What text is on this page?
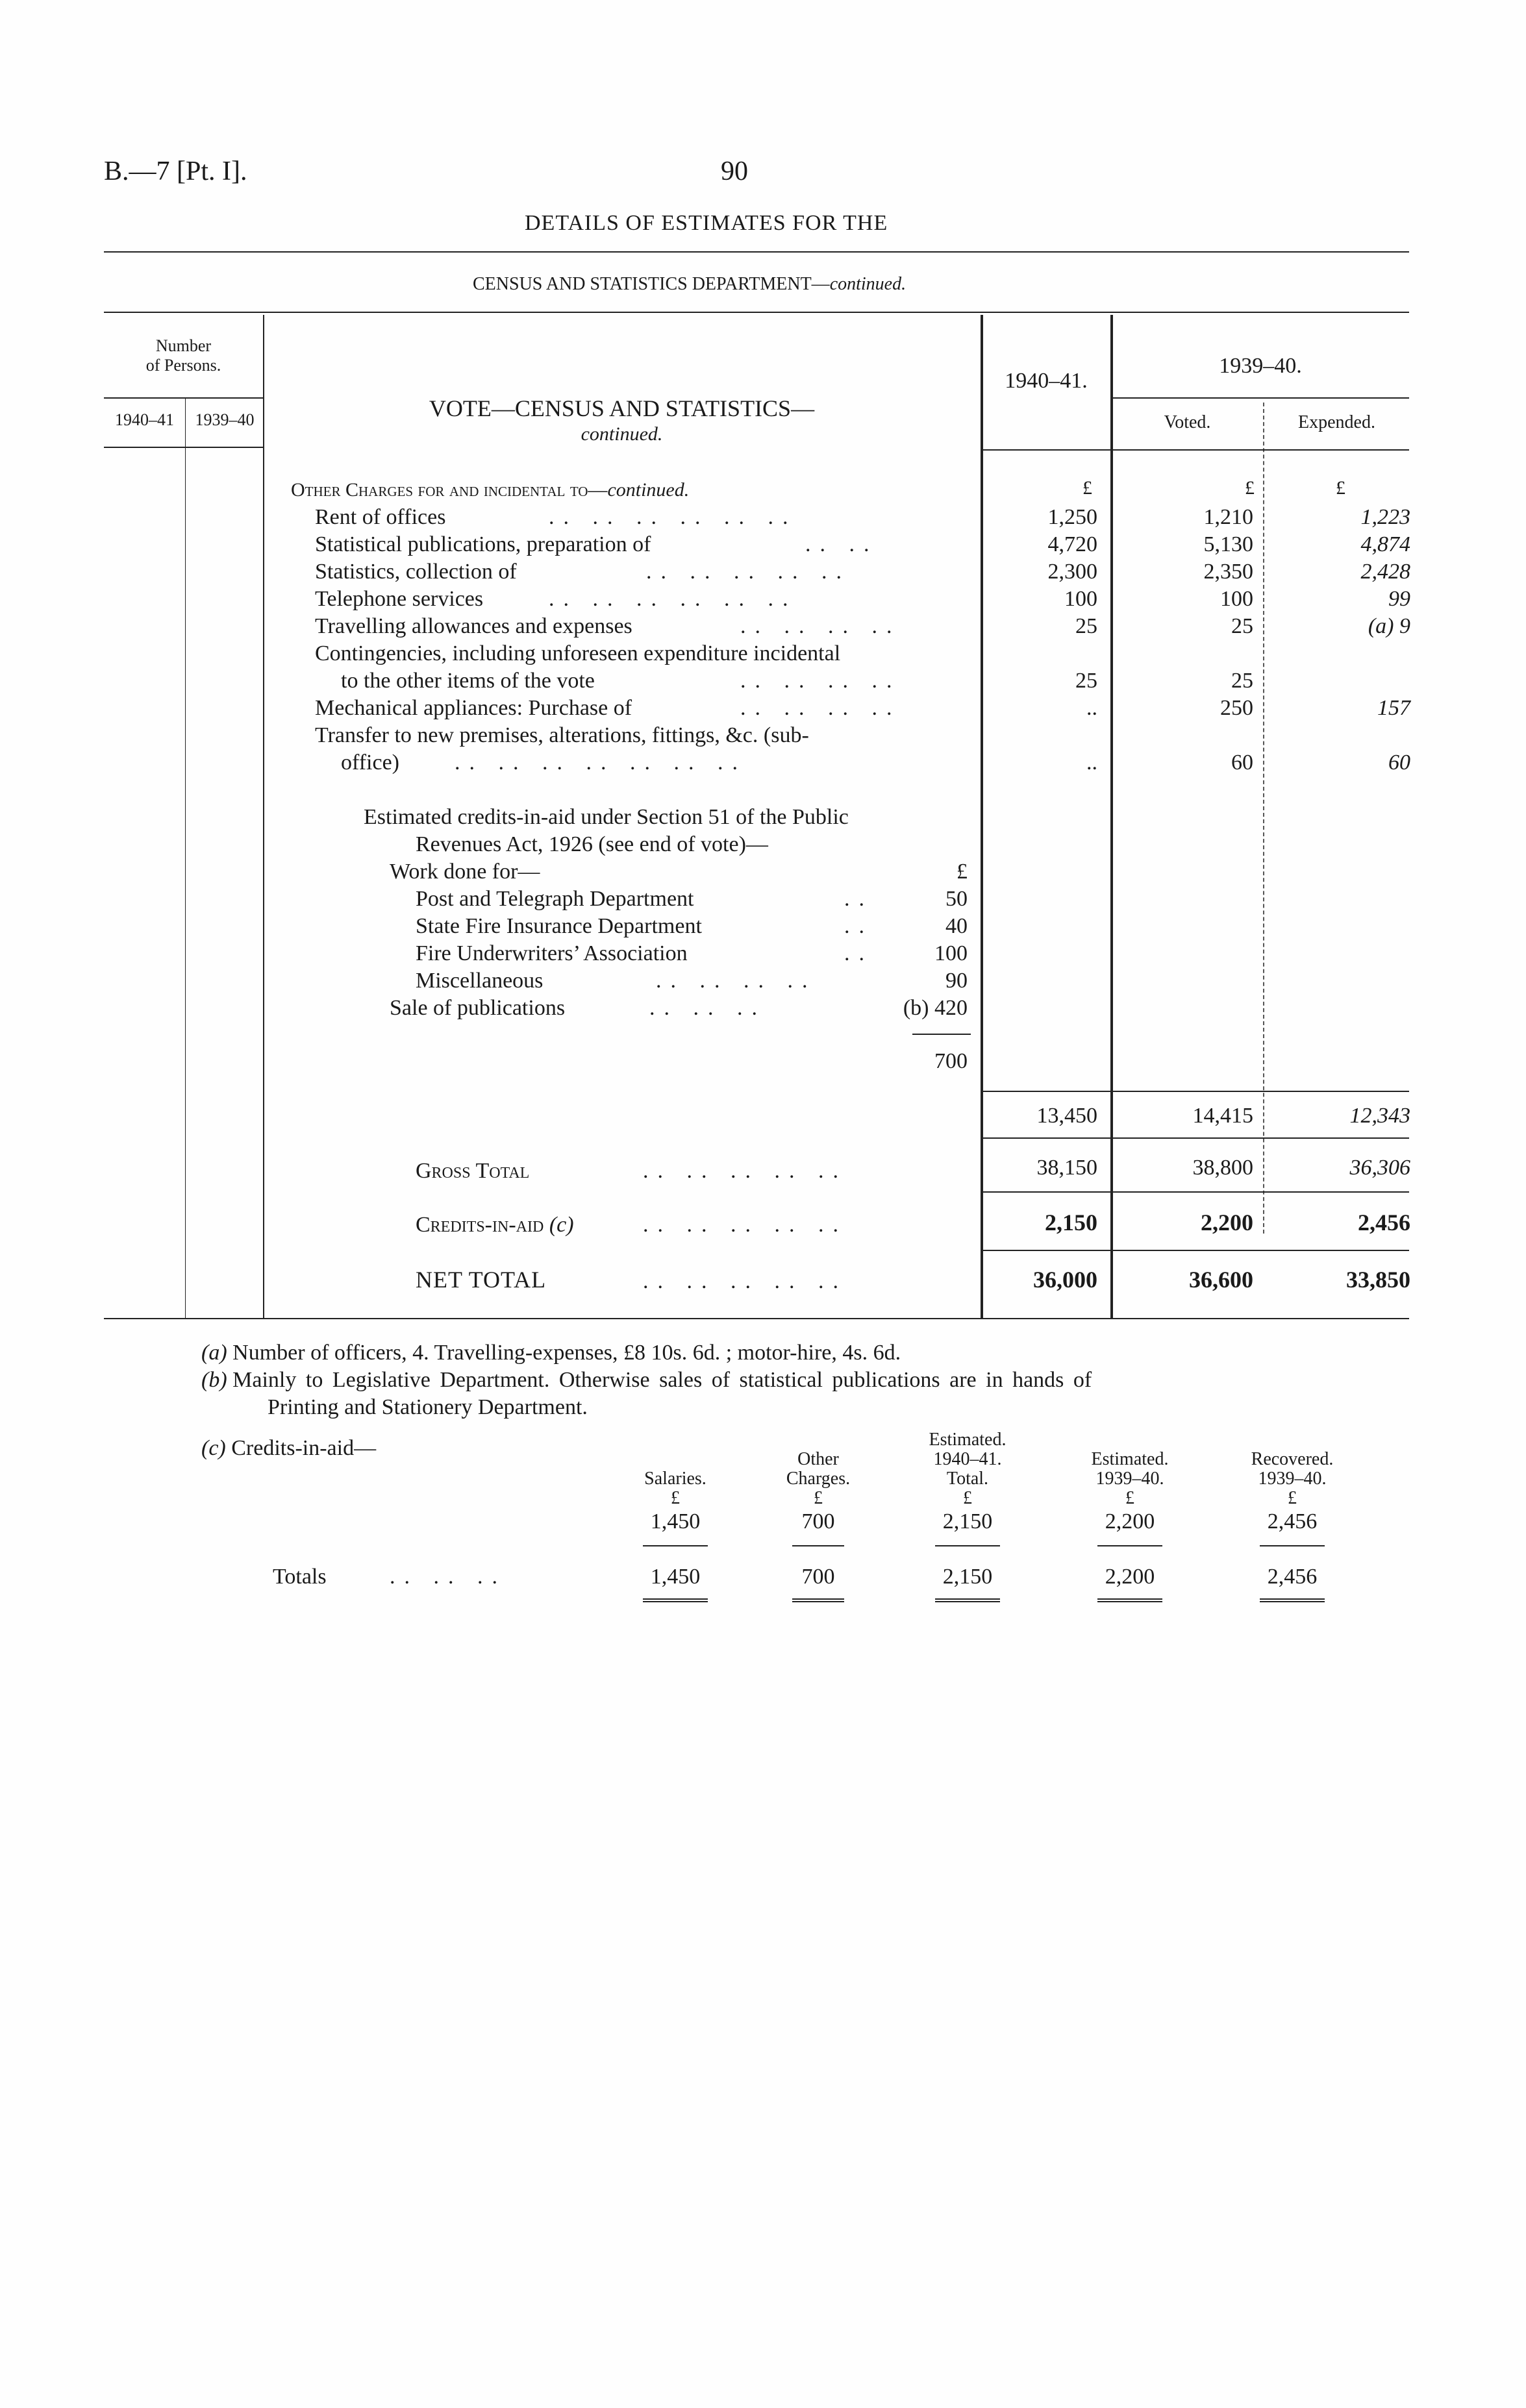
B.—7 [Pt. I].	90
DETAILS OF ESTIMATES FOR THE
CENSUS AND STATISTICS DEPARTMENT—continued.
Number
of Persons.
1940–41	1939–40	VOTE—CENSUS AND STATISTICS—
continued.
1940–41.
1939–40.
Voted.	Expended.
Other Charges for and incidental to—continued.	£	£	£
Rent of offices	.. .. .. .. .. ..	1,250	1,210	1,223
Statistical publications, preparation of	.. ..	4,720	5,130	4,874
Statistics, collection of	.. .. .. .. ..	2,300	2,350	2,428
Telephone services	.. .. .. .. .. ..	100	100	99
Travelling allowances and expenses	.. .. .. ..	25	25	(a) 9
Contingencies, including unforeseen expenditure incidental
to the other items of the vote	.. .. .. ..	25	25
Mechanical appliances: Purchase of	.. .. .. ..	..	250	157
Transfer to new premises, alterations, fittings, &c. (sub-
office)	.. .. .. .. .. .. ..	..	60	60
Estimated credits-in-aid under Section 51 of the Public
Revenues Act, 1926 (see end of vote)—
Work done for—	£
Post and Telegraph Department	..	50
State Fire Insurance Department	..	40
Fire Underwriters’ Association	..	100
Miscellaneous	.. .. .. ..	90
Sale of publications	.. .. ..	(b) 420
700
13,450	14,415	12,343
Gross Total	.. .. .. .. ..	38,150	38,800	36,306
Credits-in-aid (c)	.. .. .. .. ..	2,150	2,200	2,456
NET TOTAL	.. .. .. .. ..	36,000	36,600	33,850
(a) Number of officers, 4. Travelling-expenses, £8 10s. 6d. ; motor-hire, 4s. 6d.
(b) Mainly to Legislative Department. Otherwise sales of statistical publications are in hands of
Printing and Stationery Department.
(c) Credits-in-aid—
Salaries.
£
Other
Charges.
£
Estimated.
1940–41.
Total.
£
Estimated.
1939–40.
£
Recovered.
1939–40.
£
1,450	700	2,150	2,200	2,456
Totals	.. .. ..	1,450	700	2,150	2,200	2,456
